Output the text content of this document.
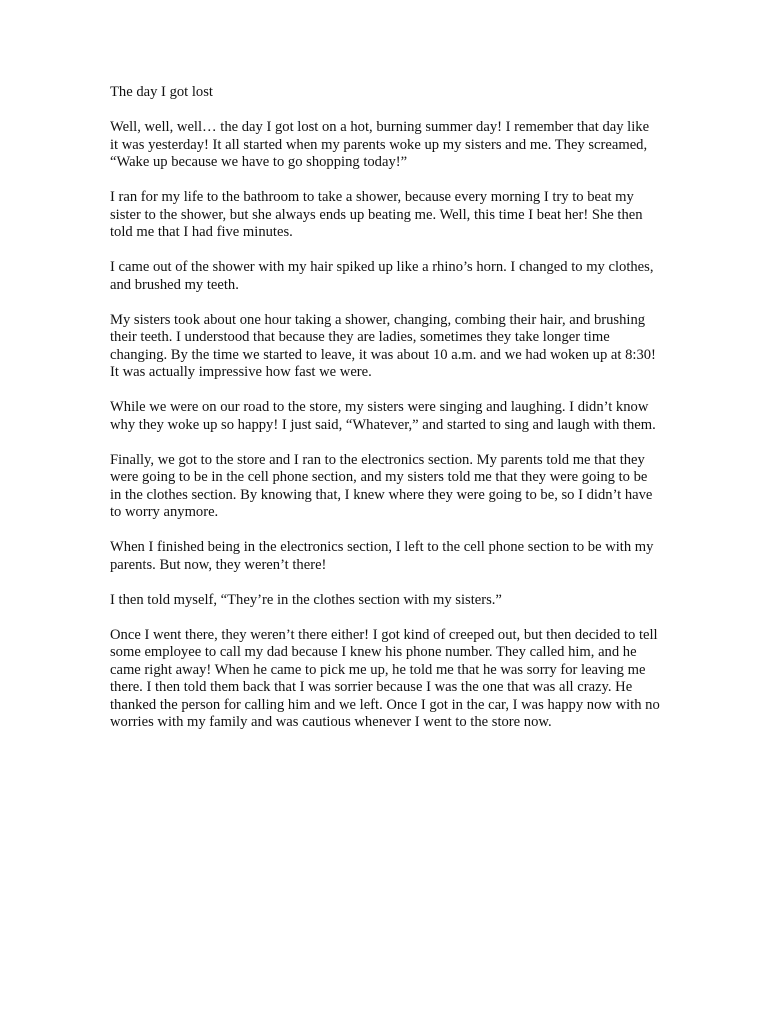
The day I got lost

Well, well, well… the day I got lost on a hot, burning summer day! I remember that day like it was yesterday! It all started when my parents woke up my sisters and me. They screamed, “Wake up because we have to go shopping today!”

I ran for my life to the bathroom to take a shower, because every morning I try to beat my sister to the shower, but she always ends up beating me. Well, this time I beat her! She then told me that I had five minutes.

I came out of the shower with my hair spiked up like a rhino’s horn. I changed to my clothes, and brushed my teeth.

My sisters took about one hour taking a shower, changing, combing their hair, and brushing their teeth. I understood that because they are ladies, sometimes they take longer time changing. By the time we started to leave, it was about 10 a.m. and we had woken up at 8:30! It was actually impressive how fast we were.

While we were on our road to the store, my sisters were singing and laughing. I didn’t know why they woke up so happy! I just said, “Whatever,” and started to sing and laugh with them.

Finally, we got to the store and I ran to the electronics section. My parents told me that they were going to be in the cell phone section, and my sisters told me that they were going to be in the clothes section. By knowing that, I knew where they were going to be, so I didn’t have to worry anymore.

When I finished being in the electronics section, I left to the cell phone section to be with my parents. But now, they weren’t there!

I then told myself, “They’re in the clothes section with my sisters.”

Once I went there, they weren’t there either! I got kind of creeped out, but then decided to tell some employee to call my dad because I knew his phone number. They called him, and he came right away! When he came to pick me up, he told me that he was sorry for leaving me there. I then told them back that I was sorrier because I was the one that was all crazy. He thanked the person for calling him and we left. Once I got in the car, I was happy now with no worries with my family and was cautious whenever I went to the store now.
